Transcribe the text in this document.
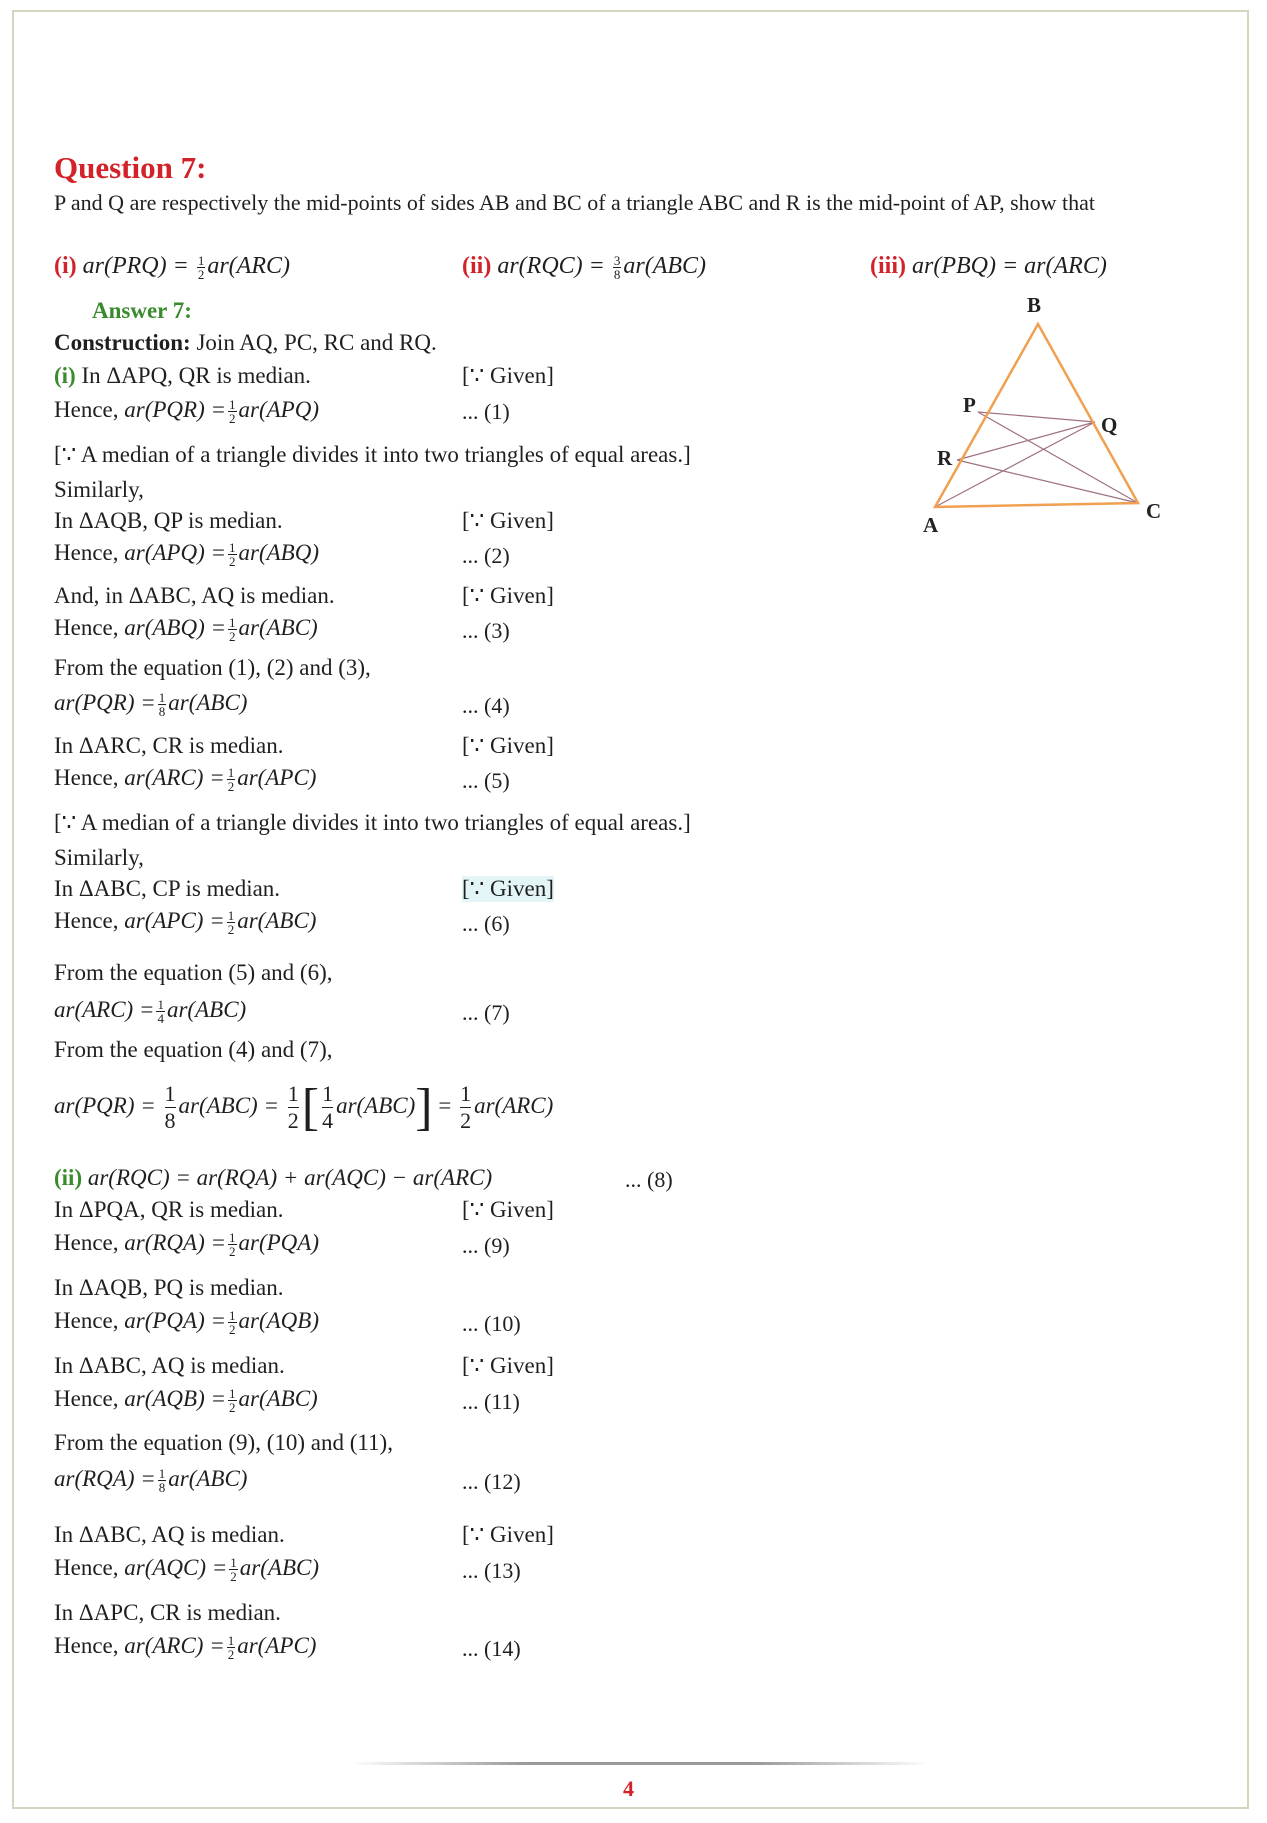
Question 7:
P and Q are respectively the mid-points of sides AB and BC of a triangle ABC and R is the mid-point of AP, show that
(i) $ar(PRQ) = \frac{1}{2} ar(ARC)$	(ii) $ar(RQC) = \frac{3}{8} ar(ABC)$	(iii) ar(PBQ) = ar(ARC)
Answer 7:
Construction: Join AQ, PC, RC and RQ.
(i) In ΔAPQ, QR is median.	[∵ Given]
Hence, $ar(PQR) = \frac{1}{2} ar(APQ)$	... (1)
[∵ A median of a triangle divides it into two triangles of equal areas.]
Similarly,
In ΔAQB, QP is median.	[∵ Given]
Hence, $ar(APQ) = \frac{1}{2} ar(ABQ)$	... (2)
And, in ΔABC, AQ is median.	[∵ Given]
Hence, $ar(ABQ) = \frac{1}{2} ar(ABC)$	... (3)
From the equation (1), (2) and (3),
$ar(PQR) = \frac{1}{8} ar(ABC)$	... (4)
In ΔARC, CR is median.	[∵ Given]
Hence, $ar(ARC) = \frac{1}{2} ar(APC)$	... (5)
[∵ A median of a triangle divides it into two triangles of equal areas.]
Similarly,
In ΔABC, CP is median.	[∵ Given]
Hence, $ar(APC) = \frac{1}{2} ar(ABC)$	... (6)
From the equation (5) and (6),
$ar(ARC) = \frac{1}{4} ar(ABC)$	... (7)
From the equation (4) and (7),
$ar(PQR) = \frac{1}{8} ar(ABC) = \frac{1}{2}$ [ $\frac{1}{4} ar(ABC)] = \frac{1}{2} ar(ARC)$
(ii) ar(RQC) = ar(RQA) + ar(AQC) − ar(ARC)	... (8)
In ΔPQA, QR is median.	[∵ Given]
Hence, $ar(RQA) = \frac{1}{2} ar(PQA)$	... (9)
In ΔAQB, PQ is median.
Hence, $ar(PQA) = \frac{1}{2} ar(AQB)$	... (10)
In ΔABC, AQ is median.	[∵ Given]
Hence, $ar(AQB) = \frac{1}{2} ar(ABC)$	... (11)
From the equation (9), (10) and (11),
$ar(RQA) = \frac{1}{8} ar(ABC)$	... (12)
In ΔABC, AQ is median.	[∵ Given]
Hence, $ar(AQC) = \frac{1}{2} ar(ABC)$	... (13)
In ΔAPC, CR is median.
Hence, $ar(ARC) = \frac{1}{2} ar(APC)$	... (14)
B
P
Q
R
A
C
4
